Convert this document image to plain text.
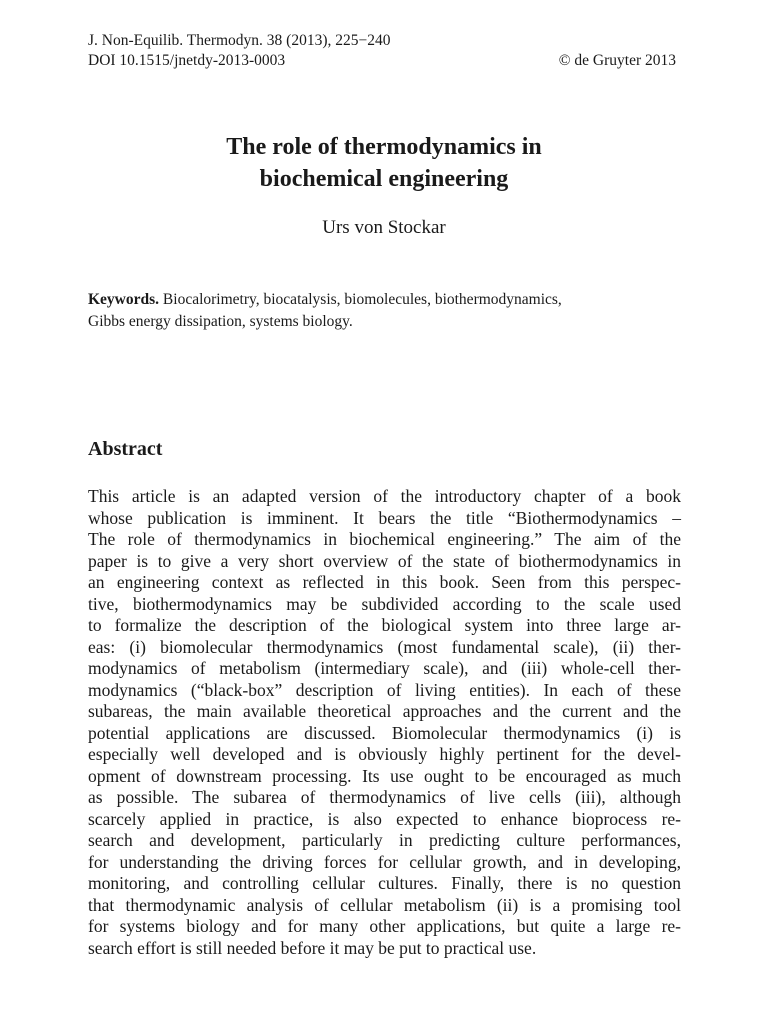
J. Non-Equilib. Thermodyn. 38 (2013), 225−240
DOI 10.1515/jnetdy-2013-0003	© de Gruyter 2013
The role of thermodynamics in
biochemical engineering
Urs von Stockar
Keywords. Biocalorimetry, biocatalysis, biomolecules, biothermodynamics,
Gibbs energy dissipation, systems biology.
Abstract
This article is an adapted version of the introductory chapter of a book
whose publication is imminent. It bears the title “Biothermodynamics –
The role of thermodynamics in biochemical engineering.” The aim of the
paper is to give a very short overview of the state of biothermodynamics in
an engineering context as reflected in this book. Seen from this perspec-
tive, biothermodynamics may be subdivided according to the scale used
to formalize the description of the biological system into three large ar-
eas: (i) biomolecular thermodynamics (most fundamental scale), (ii) ther-
modynamics of metabolism (intermediary scale), and (iii) whole-cell ther-
modynamics (“black-box” description of living entities). In each of these
subareas, the main available theoretical approaches and the current and the
potential applications are discussed. Biomolecular thermodynamics (i) is
especially well developed and is obviously highly pertinent for the devel-
opment of downstream processing. Its use ought to be encouraged as much
as possible. The subarea of thermodynamics of live cells (iii), although
scarcely applied in practice, is also expected to enhance bioprocess re-
search and development, particularly in predicting culture performances,
for understanding the driving forces for cellular growth, and in developing,
monitoring, and controlling cellular cultures. Finally, there is no question
that thermodynamic analysis of cellular metabolism (ii) is a promising tool
for systems biology and for many other applications, but quite a large re-
search effort is still needed before it may be put to practical use.
